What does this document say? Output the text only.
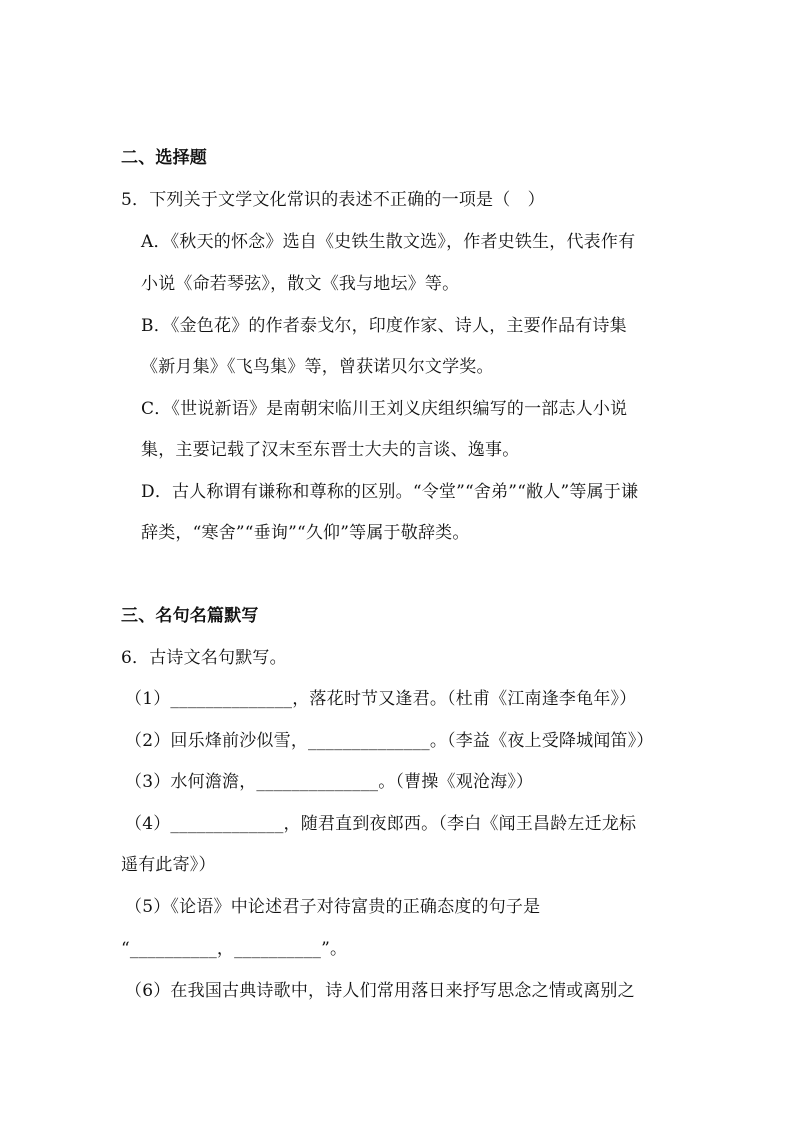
二、选择题
5．下列关于文学文化常识的表述不正确的一项是（　）
A．《秋天的怀念》选自《史铁生散文选》，作者史铁生，代表作有
小说《命若琴弦》，散文《我与地坛》等。
B．《金色花》的作者泰戈尔，印度作家、诗人，主要作品有诗集
《新月集》《飞鸟集》等，曾获诺贝尔文学奖。
C．《世说新语》是南朝宋临川王刘义庆组织编写的一部志人小说
集，主要记载了汉末至东晋士大夫的言谈、逸事。
D．古人称谓有谦称和尊称的区别。“令堂”“舍弟”“敝人”等属于谦
辞类，“寒舍”“垂询”“久仰”等属于敬辞类。
三、名句名篇默写
6．古诗文名句默写。
（1）______________，落花时节又逢君。（杜甫《江南逢李龟年》）
（2）回乐烽前沙似雪，______________。（李益《夜上受降城闻笛》）
（3）水何澹澹，______________。（曹操《观沧海》）
（4）_____________，随君直到夜郎西。（李白《闻王昌龄左迁龙标
遥有此寄》）
（5）《论语》中论述君子对待富贵的正确态度的句子是
“__________，__________”。
（6）在我国古典诗歌中，诗人们常用落日来抒写思念之情或离别之
